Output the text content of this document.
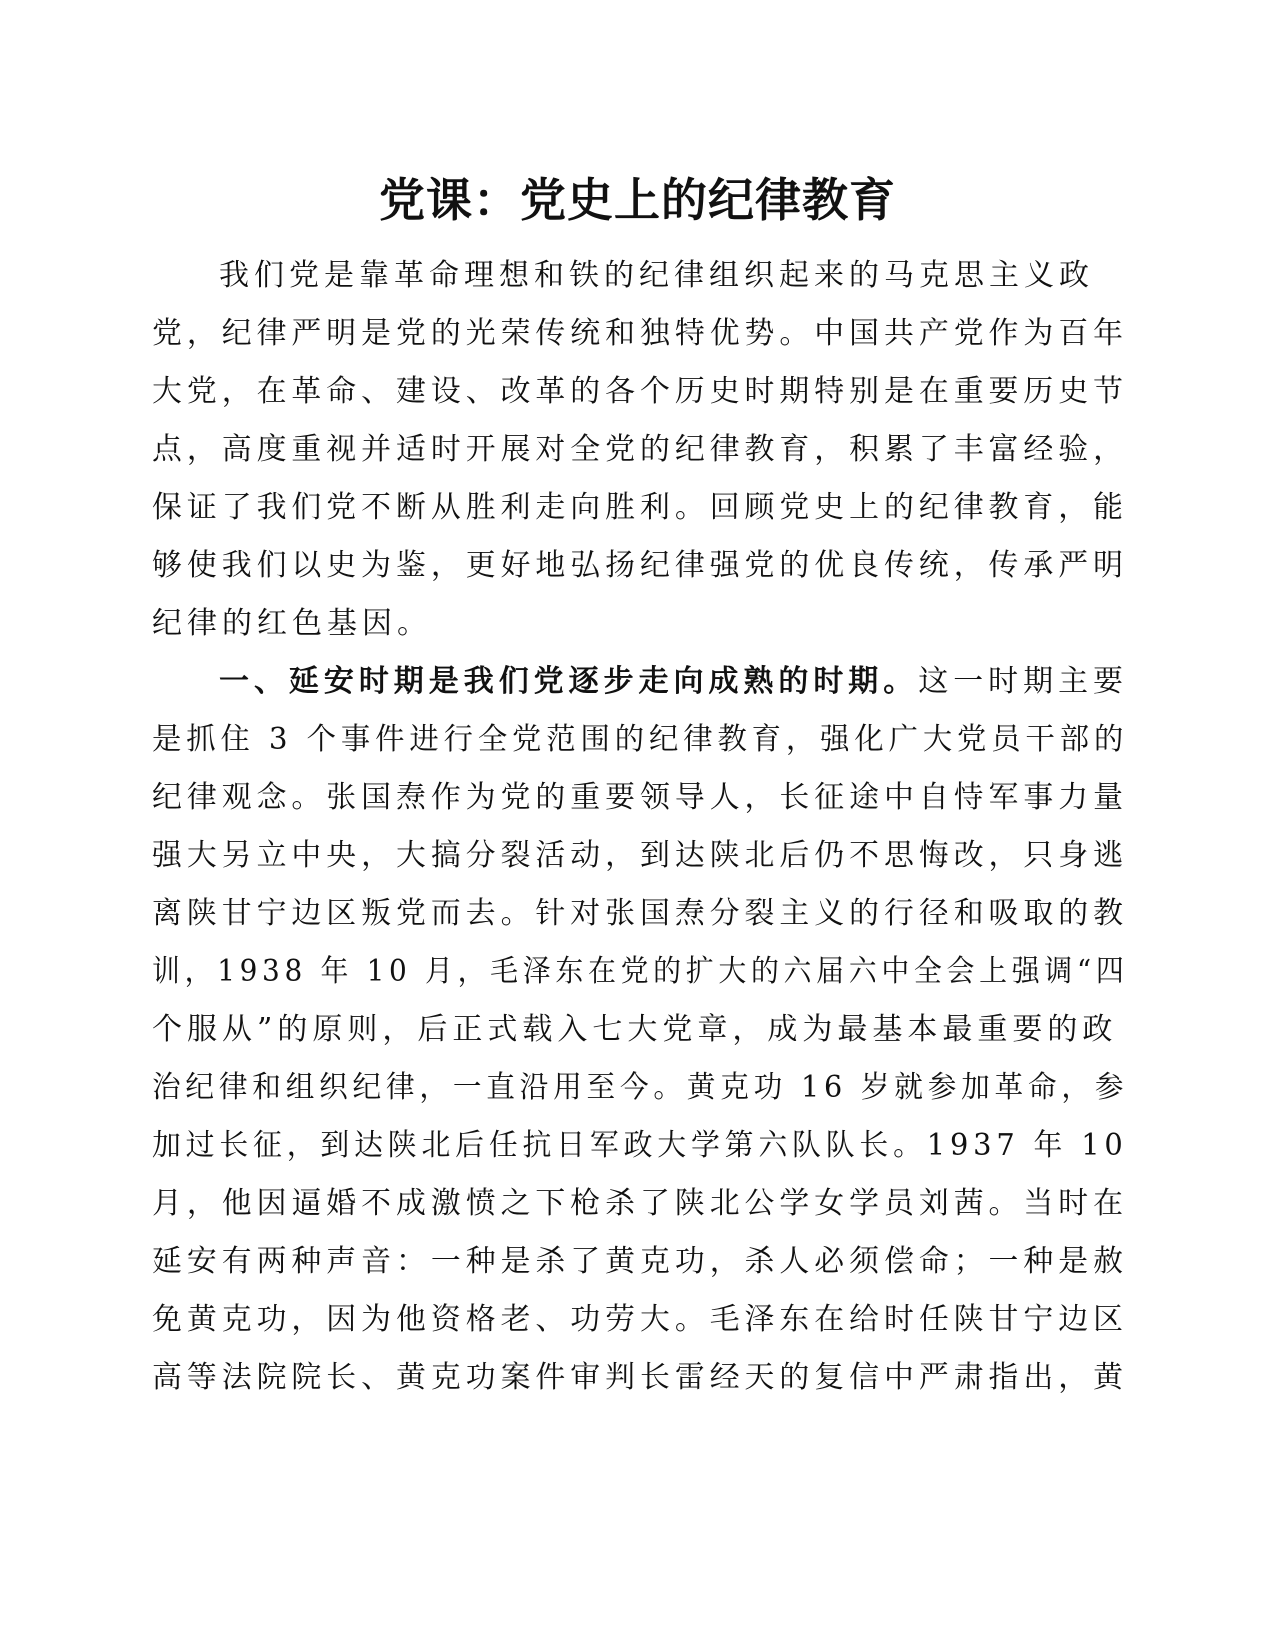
党课：党史上的纪律教育
我们党是靠革命理想和铁的纪律组织起来的马克思主义政
党，纪律严明是党的光荣传统和独特优势。中国共产党作为百年
大党，在革命、建设、改革的各个历史时期特别是在重要历史节
点，高度重视并适时开展对全党的纪律教育，积累了丰富经验，
保证了我们党不断从胜利走向胜利。回顾党史上的纪律教育，能
够使我们以史为鉴，更好地弘扬纪律强党的优良传统，传承严明
纪律的红色基因。
一、延安时期是我们党逐步走向成熟的时期。这一时期主要
是抓住 3 个事件进行全党范围的纪律教育，强化广大党员干部的
纪律观念。张国焘作为党的重要领导人，长征途中自恃军事力量
强大另立中央，大搞分裂活动，到达陕北后仍不思悔改，只身逃
离陕甘宁边区叛党而去。针对张国焘分裂主义的行径和吸取的教
训，1938 年 10 月，毛泽东在党的扩大的六届六中全会上强调“四
个服从”的原则，后正式载入七大党章，成为最基本最重要的政
治纪律和组织纪律，一直沿用至今。黄克功 16 岁就参加革命，参
加过长征，到达陕北后任抗日军政大学第六队队长。1937 年 10
月，他因逼婚不成激愤之下枪杀了陕北公学女学员刘茜。当时在
延安有两种声音：一种是杀了黄克功，杀人必须偿命；一种是赦
免黄克功，因为他资格老、功劳大。毛泽东在给时任陕甘宁边区
高等法院院长、黄克功案件审判长雷经天的复信中严肃指出，黄
